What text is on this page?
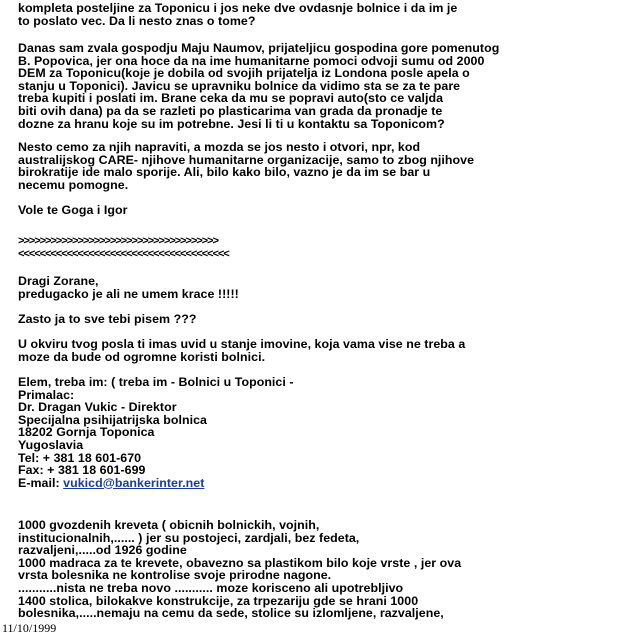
kompleta posteljine za Toponicu i jos neke dve ovdasnje bolnice i da im je
to poslato vec. Da li nesto znas o tome?
Danas sam zvala gospodju Maju Naumov, prijateljicu gospodina gore pomenutog
B. Popovica, jer ona hoce da na ime humanitarne pomoci odvoji sumu od 2000
DEM za Toponicu(koje je dobila od svojih prijatelja iz Londona posle apela o
stanju u Toponici). Javicu se upravniku bolnice da vidimo sta se za te pare
treba kupiti i poslati im. Brane ceka da mu se popravi auto(sto ce valjda
biti ovih dana) pa da se razleti po plasticarima van grada da pronadje te
dozne za hranu koje su im potrebne. Jesi li ti u kontaktu sa Toponicom?
Nesto cemo za njih napraviti, a mozda se jos nesto i otvori, npr, kod
australijskog CARE- njihove humanitarne organizacije, samo to zbog njihove
birokratije ide malo sporije. Ali, bilo kako bilo, vazno je da im se bar u
necemu pomogne.
Vole te Goga i Igor
>>>>>>>>>>>>>>>>>>>>>>>>>>>>>>>>>>>>>
<<<<<<<<<<<<<<<<<<<<<<<<<<<<<<<<<<<<<<<
Dragi Zorane,
predugacko je ali ne umem krace !!!!!
Zasto ja to sve tebi pisem ???
U okviru tvog posla ti imas uvid u stanje imovine, koja vama vise ne treba a
moze da bude od ogromne koristi bolnici.
Elem, treba im: ( treba im - Bolnici u Toponici -
Primalac:
Dr. Dragan Vukic - Direktor
Specijalna psihijatrijska bolnica
18202 Gornja Toponica
Yugoslavia
Tel: + 381 18 601-670
Fax: + 381 18 601-699
E-mail: vukicd@bankerinter.net
1000 gvozdenih kreveta ( obicnih bolnickih, vojnih,
institucionalnih,...... ) jer su postojeci, zardjali, bez fedeta,
razvaljeni,.....od 1926 godine
1000 madraca za te krevete, obavezno sa plastikom bilo koje vrste , jer ova
vrsta bolesnika ne kontrolise svoje prirodne nagone.
...........nista ne treba novo ........... moze korisceno ali upotrebljivo
1400 stolica, bilokakve konstrukcije, za trpezariju gde se hrani 1000
bolesnika,.....nemaju na cemu da sede, stolice su izlomljene, razvaljene,
11/10/1999
